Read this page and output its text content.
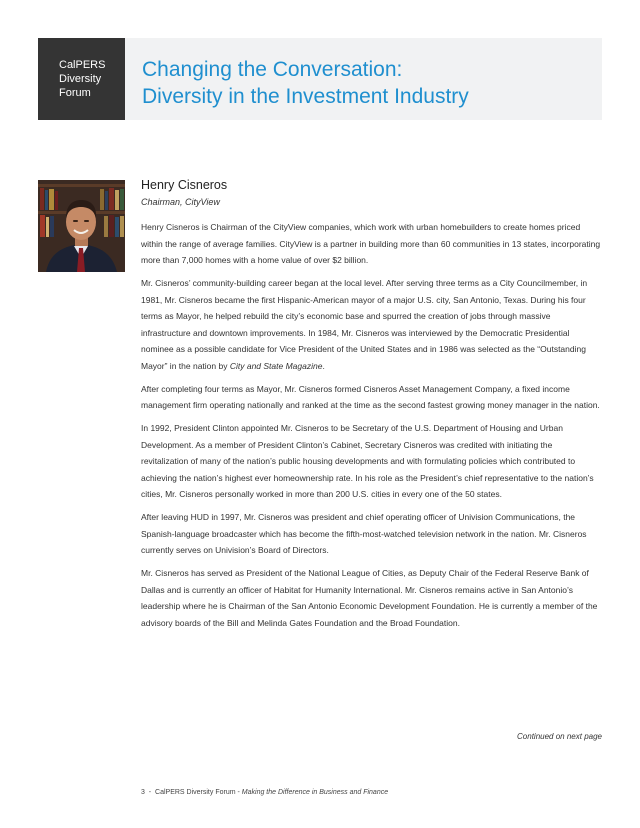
CalPERS
Diversity
Forum
Changing the Conversation:
Diversity in the Investment Industry

Henry Cisneros

Chairman, CityView

Henry Cisneros is Chairman of the CityView companies, which work with urban homebuilders to create homes priced within the range of average families. CityView is a partner in building more than 60 communities in 13 states, incorporating more than 7,000 homes with a home value of over $2 billion.

Mr. Cisneros’ community-building career began at the local level. After serving three terms as a City Councilmember, in 1981, Mr. Cisneros became the first Hispanic-American mayor of a major U.S. city, San Antonio, Texas. During his four terms as Mayor, he helped rebuild the city’s economic base and spurred the creation of jobs through massive infrastructure and downtown improvements. In 1984, Mr. Cisneros was interviewed by the Democratic Presidential nominee as a possible candidate for Vice President of the United States and in 1986 was selected as the “Outstanding Mayor” in the nation by City and State Magazine.

After completing four terms as Mayor, Mr. Cisneros formed Cisneros Asset Management Company, a fixed income management firm operating nationally and ranked at the time as the second fastest growing money manager in the nation.

In 1992, President Clinton appointed Mr. Cisneros to be Secretary of the U.S. Department of Housing and Urban Development. As a member of President Clinton’s Cabinet, Secretary Cisneros was credited with initiating the revitalization of many of the nation’s public housing developments and with formulating policies which contributed to achieving the nation’s highest ever homeownership rate. In his role as the President’s chief representative to the nation’s cities, Mr. Cisneros personally worked in more than 200 U.S. cities in every one of the 50 states.

After leaving HUD in 1997, Mr. Cisneros was president and chief operating officer of Univision Communications, the Spanish-language broadcaster which has become the fifth-most-watched television network in the nation. Mr. Cisneros currently serves on Univision’s Board of Directors.

Mr. Cisneros has served as President of the National League of Cities, as Deputy Chair of the Federal Reserve Bank of Dallas and is currently an officer of Habitat for Humanity International. Mr. Cisneros remains active in San Antonio’s leadership where he is Chairman of the San Antonio Economic Development Foundation. He is currently a member of the advisory boards of the Bill and Melinda Gates Foundation and the Broad Foundation.

Continued on next page
3 - CalPERS Diversity Forum - Making the Difference in Business and Finance
